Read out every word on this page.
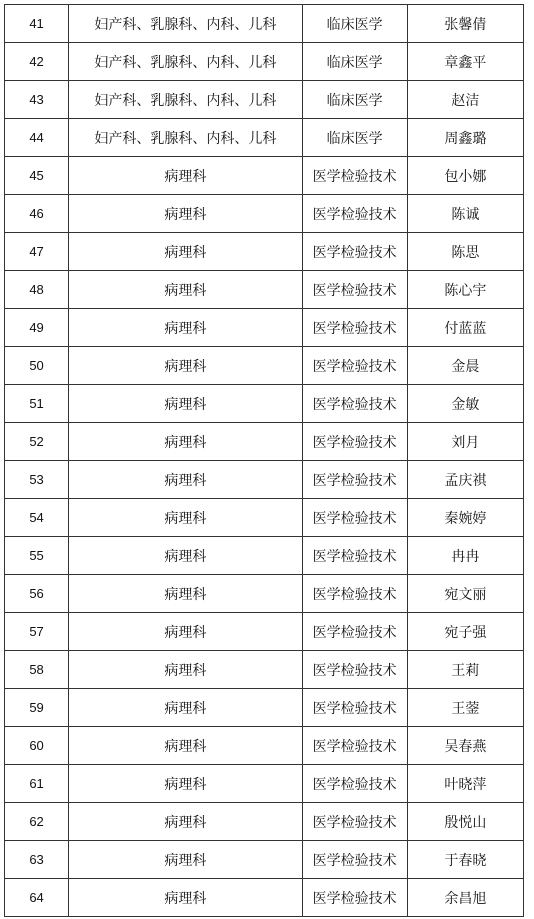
41	妇产科、乳腺科、内科、儿科	临床医学	张馨倩
42	妇产科、乳腺科、内科、儿科	临床医学	章鑫平
43	妇产科、乳腺科、内科、儿科	临床医学	赵洁
44	妇产科、乳腺科、内科、儿科	临床医学	周鑫璐
45	病理科	医学检验技术	包小娜
46	病理科	医学检验技术	陈诚
47	病理科	医学检验技术	陈思
48	病理科	医学检验技术	陈心宇
49	病理科	医学检验技术	付蓝蓝
50	病理科	医学检验技术	金晨
51	病理科	医学检验技术	金敏
52	病理科	医学检验技术	刘月
53	病理科	医学检验技术	孟庆祺
54	病理科	医学检验技术	秦婉婷
55	病理科	医学检验技术	冉冉
56	病理科	医学检验技术	宛文丽
57	病理科	医学检验技术	宛子强
58	病理科	医学检验技术	王莉
59	病理科	医学检验技术	王蓥
60	病理科	医学检验技术	吴春燕
61	病理科	医学检验技术	叶晓萍
62	病理科	医学检验技术	殷悦山
63	病理科	医学检验技术	于春晓
64	病理科	医学检验技术	余昌旭
